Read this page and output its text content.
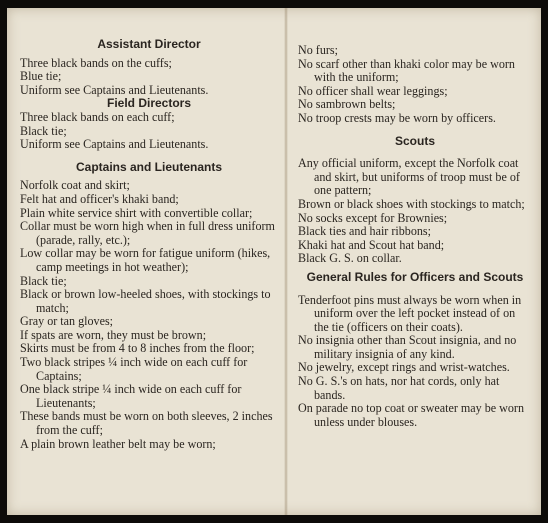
Assistant Director

Three black bands on the cuffs;

Blue tie;

Uniform see Captains and Lieutenants.

Field Directors

Three black bands on each cuff;

Black tie;

Uniform see Captains and Lieutenants.

Captains and Lieutenants

Norfolk coat and skirt;

Felt hat and officer's khaki band;

Plain white service shirt with convertible collar;

Collar must be worn high when in full dress uniform (parade, rally, etc.);

Low collar may be worn for fatigue uniform (hikes, camp meetings in hot weather);

Black tie;

Black or brown low-heeled shoes, with stockings to match;

Gray or tan gloves;

If spats are worn, they must be brown;

Skirts must be from 4 to 8 inches from the floor;

Two black stripes ¼ inch wide on each cuff for Captains;

One black stripe ¼ inch wide on each cuff for Lieutenants;

These bands must be worn on both sleeves, 2 inches from the cuff;

A plain brown leather belt may be worn;

No furs;

No scarf other than khaki color may be worn with the uniform;

No officer shall wear leggings;

No sambrown belts;

No troop crests may be worn by officers.

Scouts

Any official uniform, except the Norfolk coat and skirt, but uniforms of troop must be of one pattern;

Brown or black shoes with stockings to match;

No socks except for Brownies;

Black ties and hair ribbons;

Khaki hat and Scout hat band;

Black G. S. on collar.

General Rules for Officers and Scouts

Tenderfoot pins must always be worn when in uniform over the left pocket instead of on the tie (officers on their coats).

No insignia other than Scout insignia, and no military insignia of any kind.

No jewelry, except rings and wrist-watches.

No G. S.'s on hats, nor hat cords, only hat bands.

On parade no top coat or sweater may be worn unless under blouses.
